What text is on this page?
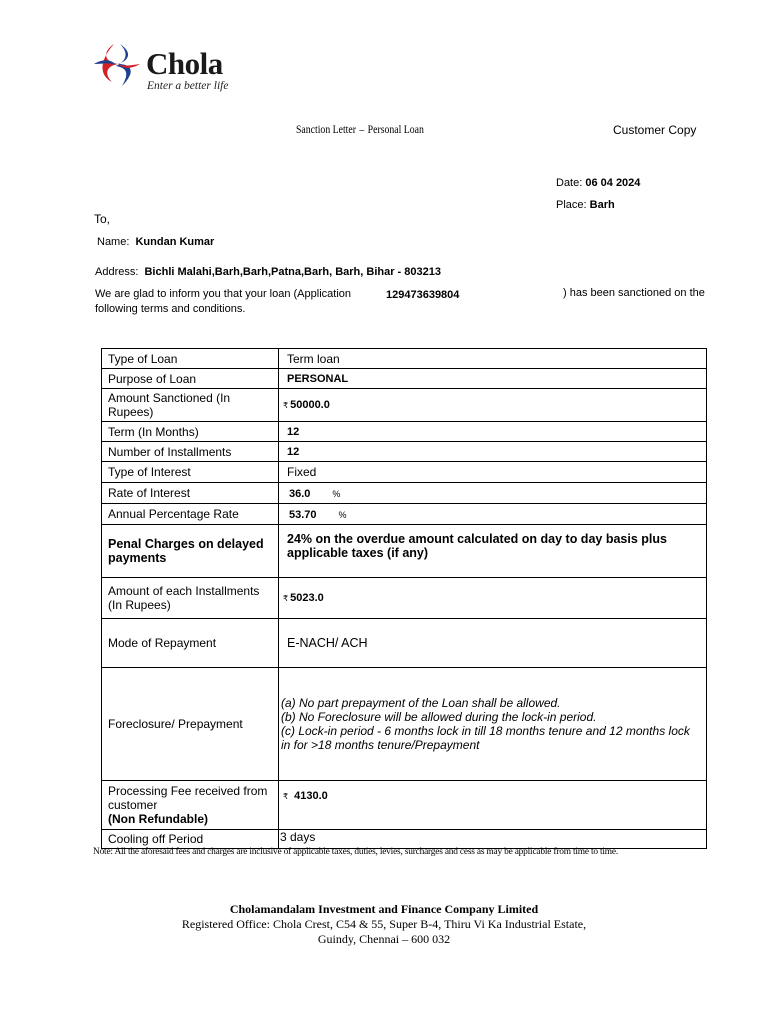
Chola
Enter a better life
Sanction Letter – Personal Loan	Customer Copy
Date: 06 04 2024
Place: Barh
To,
Name: Kundan Kumar
Address: Bichli Malahi,Barh,Barh,Patna,Barh, Barh, Bihar - 803213
We are glad to inform you that your loan (Application	129473639804	) has been sanctioned on the
following terms and conditions.
Type of Loan	Term loan
Purpose of Loan	PERSONAL
Amount Sanctioned (In Rupees)	₹ 50000.0
Term (In Months)	12
Number of Installments	12
Type of Interest	Fixed
Rate of Interest	36.0 %
Annual Percentage Rate	53.70 %
Penal Charges on delayed payments	24% on the overdue amount calculated on day to day basis plus applicable taxes (if any)
Amount of each Installments (In Rupees)	₹ 5023.0
Mode of Repayment	E-NACH/ ACH
Foreclosure/ Prepayment	(a) No part prepayment of the Loan shall be allowed.
(b) No Foreclosure will be allowed during the lock-in period.
(c) Lock-in period - 6 months lock in till 18 months tenure and 12 months lock in for >18 months tenure/Prepayment

Processing Fee received from customer
(Non Refundable)	₹ 4130.0
Cooling off Period	3 days
Note: All the aforesaid fees and charges are inclusive of applicable taxes, duties, levies, surcharges and cess as may be applicable from time to time.
Cholamandalam Investment and Finance Company Limited
Registered Office: Chola Crest, C54 & 55, Super B-4, Thiru Vi Ka Industrial Estate,
Guindy, Chennai – 600 032
